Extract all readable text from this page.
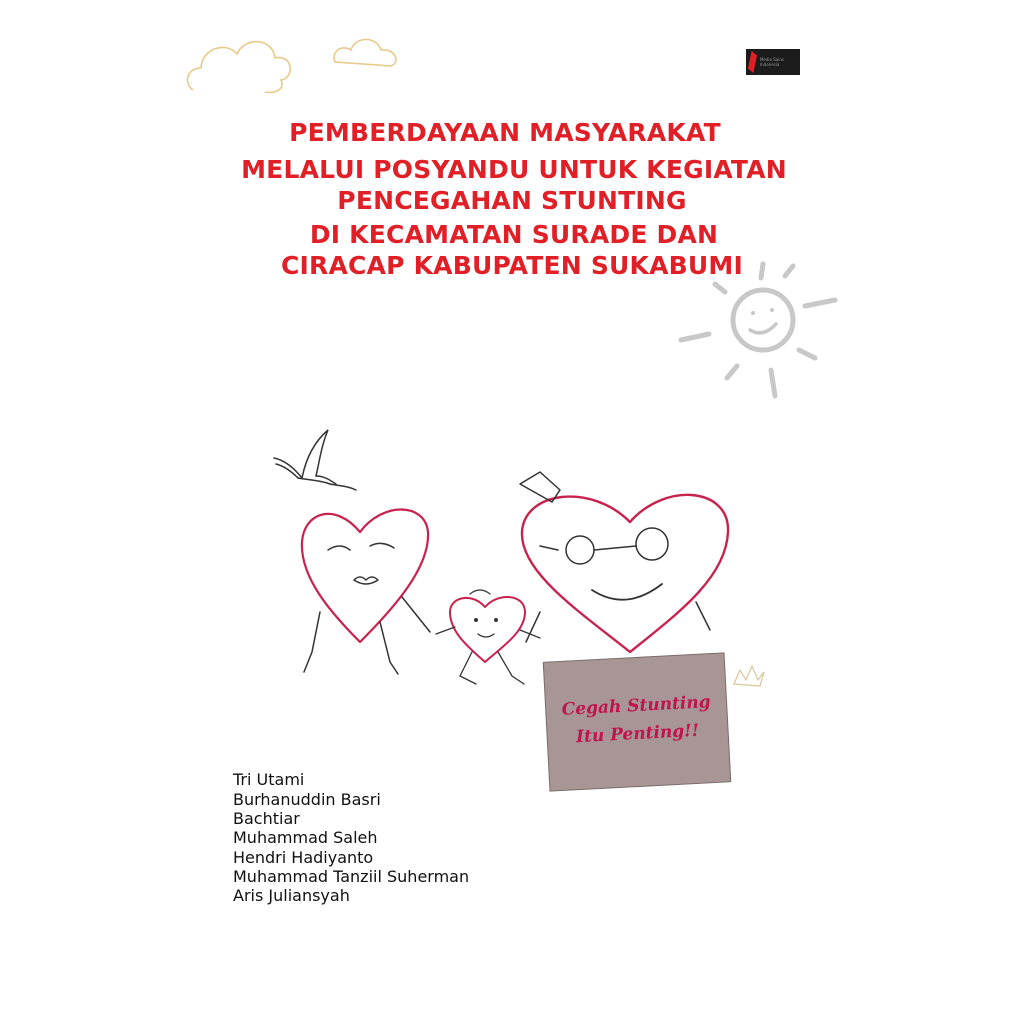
Media Sains Indonesia
PEMBERDAYAAN MASYARAKAT
MELALUI POSYANDU UNTUK KEGIATAN
PENCEGAHAN STUNTING
DI KECAMATAN SURADE DAN
CIRACAP KABUPATEN SUKABUMI
Cegah Stunting
Itu Penting!!
Tri Utami
Burhanuddin Basri
Bachtiar
Muhammad Saleh
Hendri Hadiyanto
Muhammad Tanziil Suherman
Aris Juliansyah
